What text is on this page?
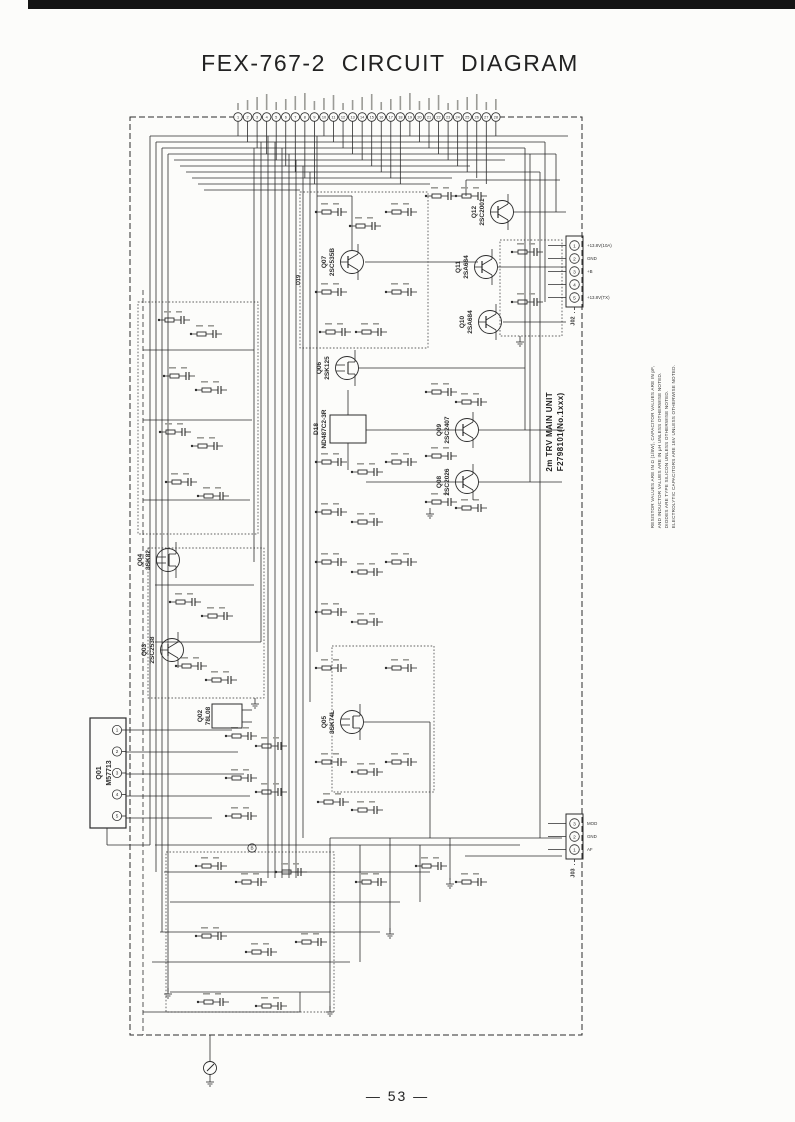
FEX-767-2 CIRCUIT DIAGRAM
1
2
3
4
5
Q01 M57713
Q02 78L08
Q03 2SC2538
Q04 3SK82
Q05 3SK74L
Q06 2SK125
Q07 2SC535B
Q08 2SC2026
Q09 2SC2407
Q10 2SA684
Q11 2SA684
Q12 2SC2001
D18 ND487C2-3R
D19
1	+13.8V(10A)
2	GND
3	+B
4
5	+13.8V(TX)
J02
3	MOD
2	GND
1	AF
J03
1 2 3 4 5 6 7 8 9 10 11 12 13 14 15 16 17 18 19 20 21 22 23 24 25 26 27 28
B
2m TRV MAIN UNIT F2798101(No.1xxx)	RESISTOR VALUES ARE IN Ω (1/8W), CAPACITOR VALUES ARE IN pF, AND INDUCTOR VALUES ARE IN μH UNLESS OTHERWISE NOTED. DIODES ARE TYPE SILICON UNLESS OTHERWISE NOTED. ELECTROLYTIC CAPACITORS ARE 16V UNLESS OTHERWISE NOTED.
— 53 —
